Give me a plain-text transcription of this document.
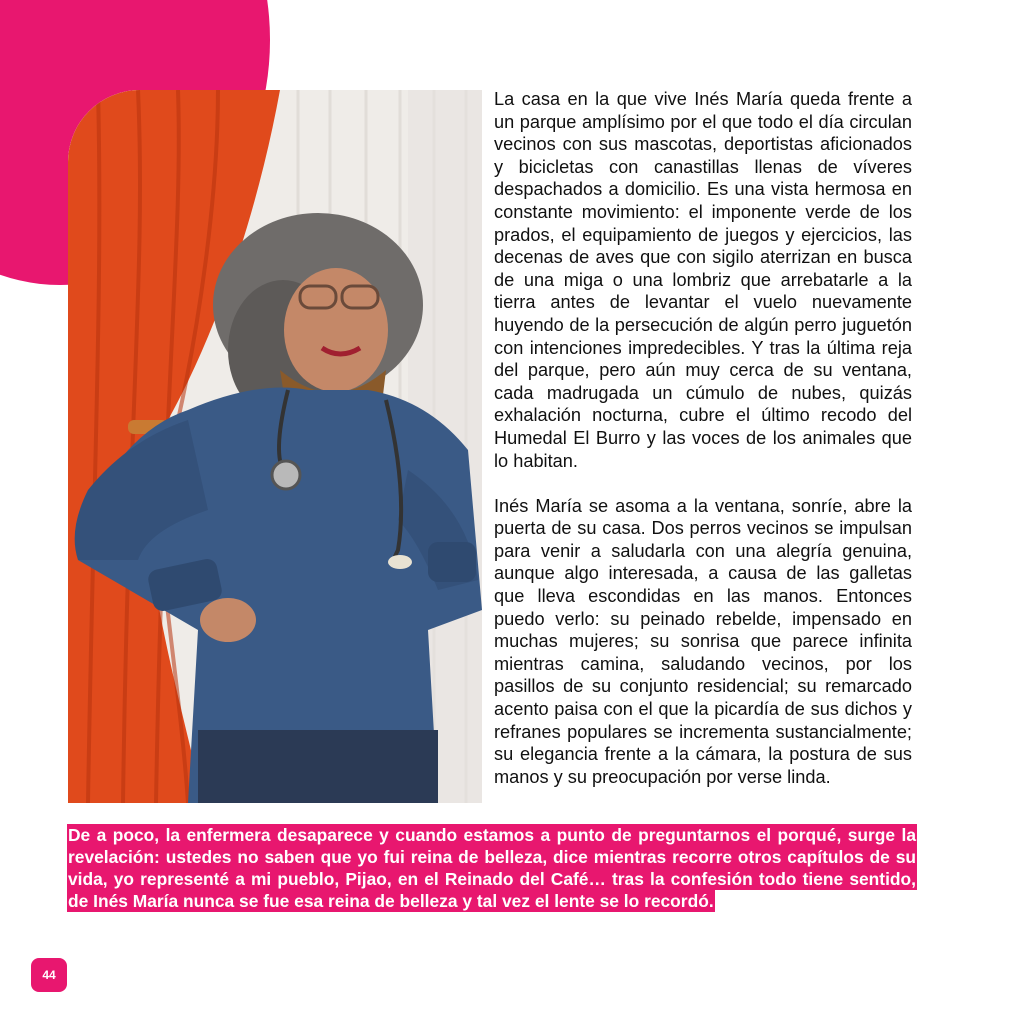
La casa en la que vive Inés María queda frente a un parque amplísimo por el que todo el día circulan vecinos con sus mascotas, deportistas aficionados y bicicletas con canastillas llenas de víveres despachados a domicilio. Es una vista hermosa en constante movimiento: el imponente verde de los prados, el equipamiento de juegos y ejercicios, las decenas de aves que con sigilo aterrizan en busca de una miga o una lombriz que arrebatarle a la tierra antes de levantar el vuelo nuevamente huyendo de la persecución de algún perro juguetón con intenciones impredecibles. Y tras la última reja del parque, pero aún muy cerca de su ventana, cada madrugada un cúmulo de nubes, quizás exhalación nocturna, cubre el último recodo del Humedal El Burro y las voces de los animales que lo habitan.

Inés María se asoma a la ventana, sonríe, abre la puerta de su casa. Dos perros vecinos se impulsan para venir a saludarla con una alegría genuina, aunque algo interesada, a causa de las galletas que lleva escondidas en las manos. Entonces puedo verlo: su peinado rebelde, impensado en muchas mujeres; su sonrisa que parece infinita mientras camina, saludando vecinos, por los pasillos de su conjunto residencial; su remarcado acento paisa con el que la picardía de sus dichos y refranes populares se incrementa sustancialmente; su elegancia frente a la cámara, la postura de sus manos y su preocupación por verse linda.

De a poco, la enfermera desaparece y cuando estamos a punto de preguntarnos el porqué, surge la revelación: ustedes no saben que yo fui reina de belleza, dice mientras recorre otros capítulos de su vida, yo representé a mi pueblo, Pijao, en el Reinado del Café… tras la confesión todo tiene sentido, de Inés María nunca se fue esa reina de belleza y tal vez el lente se lo recordó.

44
